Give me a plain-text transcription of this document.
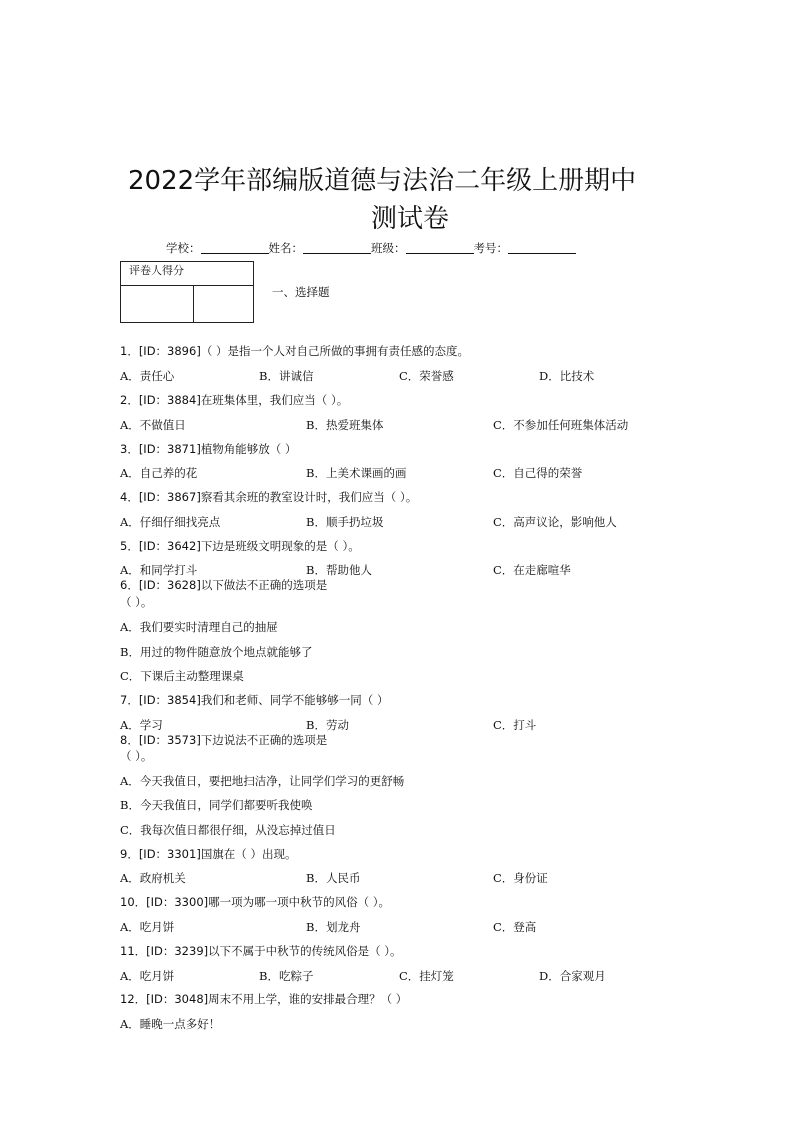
2022学年部编版道德与法治二年级上册期中
测试卷
学校：	姓名：	班级：	考号：
评卷人得分

一、选择题
1．[ID：3896]（ ）是指一个人对自己所做的事拥有责任感的态度。
A．责任心	B．讲诚信	C．荣誉感	D．比技术
2．[ID：3884]在班集体里，我们应当（ ）。
A．不做值日	B．热爱班集体	C．不参加任何班集体活动
3．[ID：3871]植物角能够放（ ）
A．自己养的花	B．上美术课画的画	C．自己得的荣誉
4．[ID：3867]察看其余班的教室设计时，我们应当（ ）。
A．仔细仔细找亮点	B．顺手扔垃圾	C．高声议论，影响他人
5．[ID：3642]下边是班级文明现象的是（ ）。
A．和同学打斗	B．帮助他人	C．在走廊喧华
6．[ID：3628]以下做法不正确的选项是
（ ）。
A．我们要实时清理自己的抽屉
B．用过的物件随意放个地点就能够了
C．下课后主动整理课桌
7．[ID：3854]我们和老师、同学不能够够一同（ ）
A．学习	B．劳动	C．打斗
8．[ID：3573]下边说法不正确的选项是
（ ）。
A．今天我值日，要把地扫洁净，让同学们学习的更舒畅
B．今天我值日，同学们都要听我使唤
C．我每次值日都很仔细，从没忘掉过值日
9．[ID：3301]国旗在（ ）出现。
A．政府机关	B．人民币	C．身份证
10．[ID：3300]哪一项为哪一项中秋节的风俗（ ）。
A．吃月饼	B．划龙舟	C．登高
11．[ID：3239]以下不属于中秋节的传统风俗是（ ）。
A．吃月饼	B．吃粽子	C．挂灯笼	D．合家观月
12．[ID：3048]周末不用上学，谁的安排最合理？（ ）
A．睡晚一点多好！
